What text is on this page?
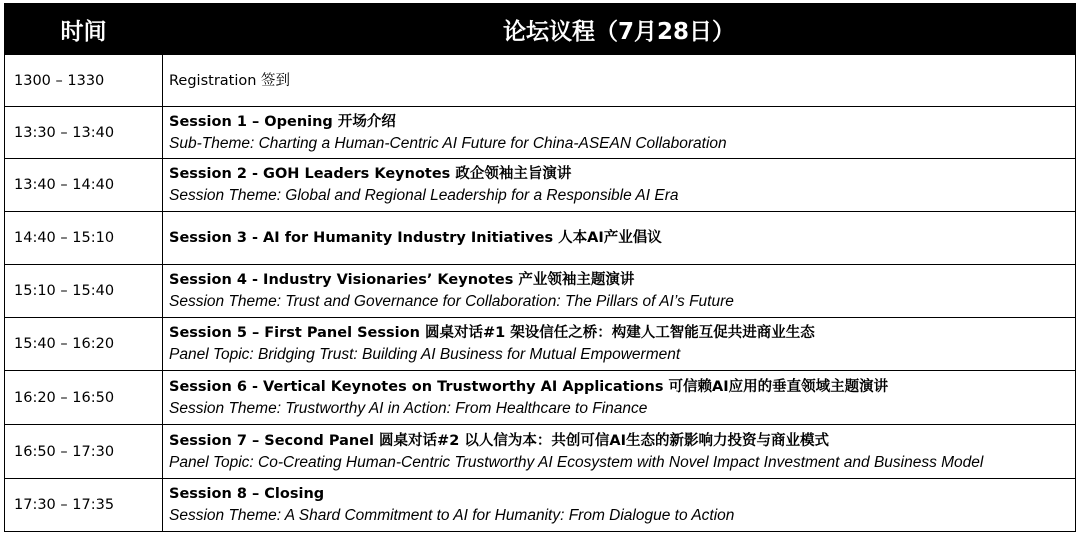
时间	论坛议程（7月28日）
1300 – 1330	Registration 签到

13:30 – 13:40	Session 1 – Opening 开场介绍
Sub-Theme: Charting a Human-Centric AI Future for China-ASEAN Collaboration

13:40 – 14:40	Session 2 - GOH Leaders Keynotes 政企领袖主旨演讲
Session Theme: Global and Regional Leadership for a Responsible AI Era

14:40 – 15:10	Session 3 - AI for Humanity Industry Initiatives 人本AI产业倡议

15:10 – 15:40	Session 4 - Industry Visionaries’ Keynotes 产业领袖主题演讲
Session Theme: Trust and Governance for Collaboration: The Pillars of AI’s Future

15:40 – 16:20	Session 5 – First Panel Session 圆桌对话#1 架设信任之桥：构建人工智能互促共进商业生态
Panel Topic: Bridging Trust: Building AI Business for Mutual Empowerment

16:20 – 16:50	Session 6 - Vertical Keynotes on Trustworthy AI Applications 可信赖AI应用的垂直领域主题演讲
Session Theme: Trustworthy AI in Action: From Healthcare to Finance

16:50 – 17:30	Session 7 – Second Panel 圆桌对话#2 以人信为本：共创可信AI生态的新影响力投资与商业模式
Panel Topic: Co-Creating Human-Centric Trustworthy AI Ecosystem with Novel Impact Investment and Business Model

17:30 – 17:35	Session 8 – Closing
Session Theme: A Shard Commitment to AI for Humanity: From Dialogue to Action
